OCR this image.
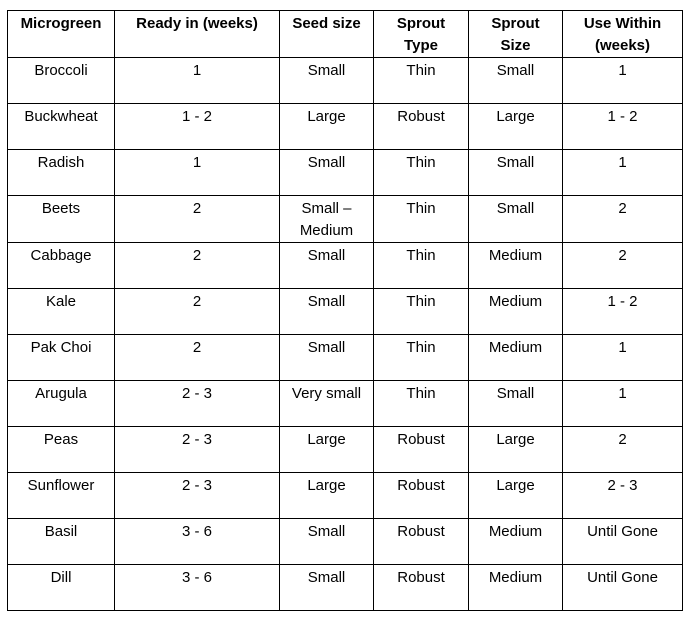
Microgreen	Ready in (weeks)	Seed size	Sprout Type	Sprout Size	Use Within (weeks)
Broccoli	1	Small	Thin	Small	1
Buckwheat	1 - 2	Large	Robust	Large	1 - 2
Radish	1	Small	Thin	Small	1
Beets	2	Small – Medium	Thin	Small	2
Cabbage	2	Small	Thin	Medium	2
Kale	2	Small	Thin	Medium	1 - 2
Pak Choi	2	Small	Thin	Medium	1
Arugula	2 - 3	Very small	Thin	Small	1
Peas	2 - 3	Large	Robust	Large	2
Sunflower	2 - 3	Large	Robust	Large	2 - 3
Basil	3 - 6	Small	Robust	Medium	Until Gone
Dill	3 - 6	Small	Robust	Medium	Until Gone
